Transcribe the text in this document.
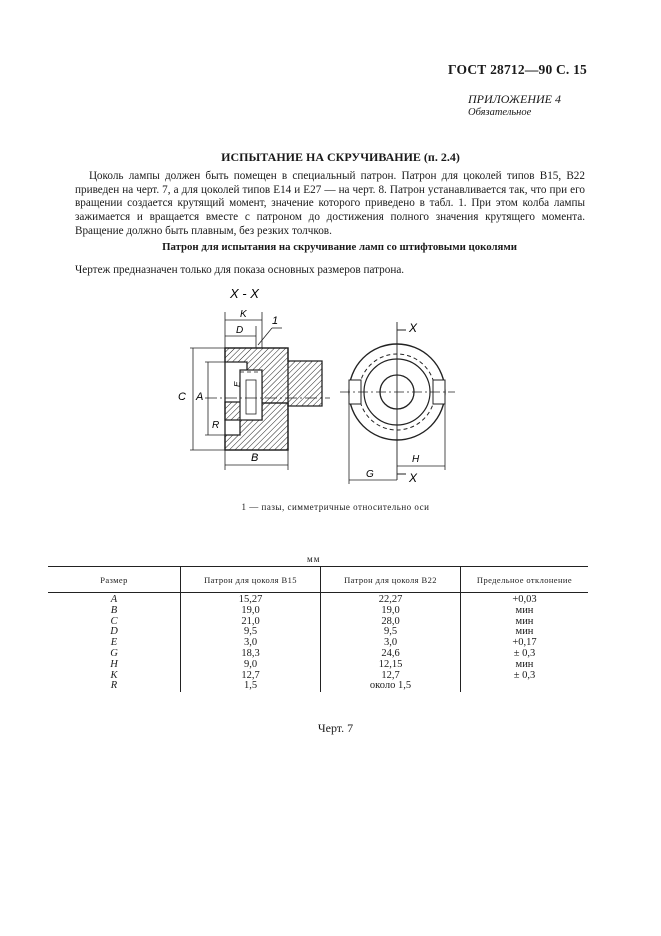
ГОСТ 28712—90 С. 15
ПРИЛОЖЕНИЕ 4
Обязательное
ИСПЫТАНИЕ НА СКРУЧИВАНИЕ (п. 2.4)

Цоколь лампы должен быть помещен в специальный патрон. Патрон для цоколей типов B15, B22 приведен на черт. 7, а для цоколей типов E14 и E27 — на черт. 8. Патрон устанавливается так, что при его вращении создается крутящий момент, значение которого приведено в табл. 1. При этом колба лампы зажимается и вращается вместе с патроном до достижения полного значения крутящего момента. Вращение должно быть плавным, без резких толчков.

Патрон для испытания на скручивание ламп со штифтовыми цоколями
Чертеж предназначен только для показа основных размеров патрона.
X - X
K
D
1
E
C A
R
B
X
X
H
G
1 — пазы, симметричные относительно оси
мм
Размер	Патрон для цоколя B15	Патрон для цоколя B22	Предельное отклонение
A	15,27	22,27	+0,03
B	19,0	19,0	мин
C	21,0	28,0	мин
D	9,5	9,5	мин
E	3,0	3,0	+0,17
G	18,3	24,6	± 0,3
H	9,0	12,15	мин
K	12,7	12,7	± 0,3
R	1,5	около 1,5	
Черт. 7
